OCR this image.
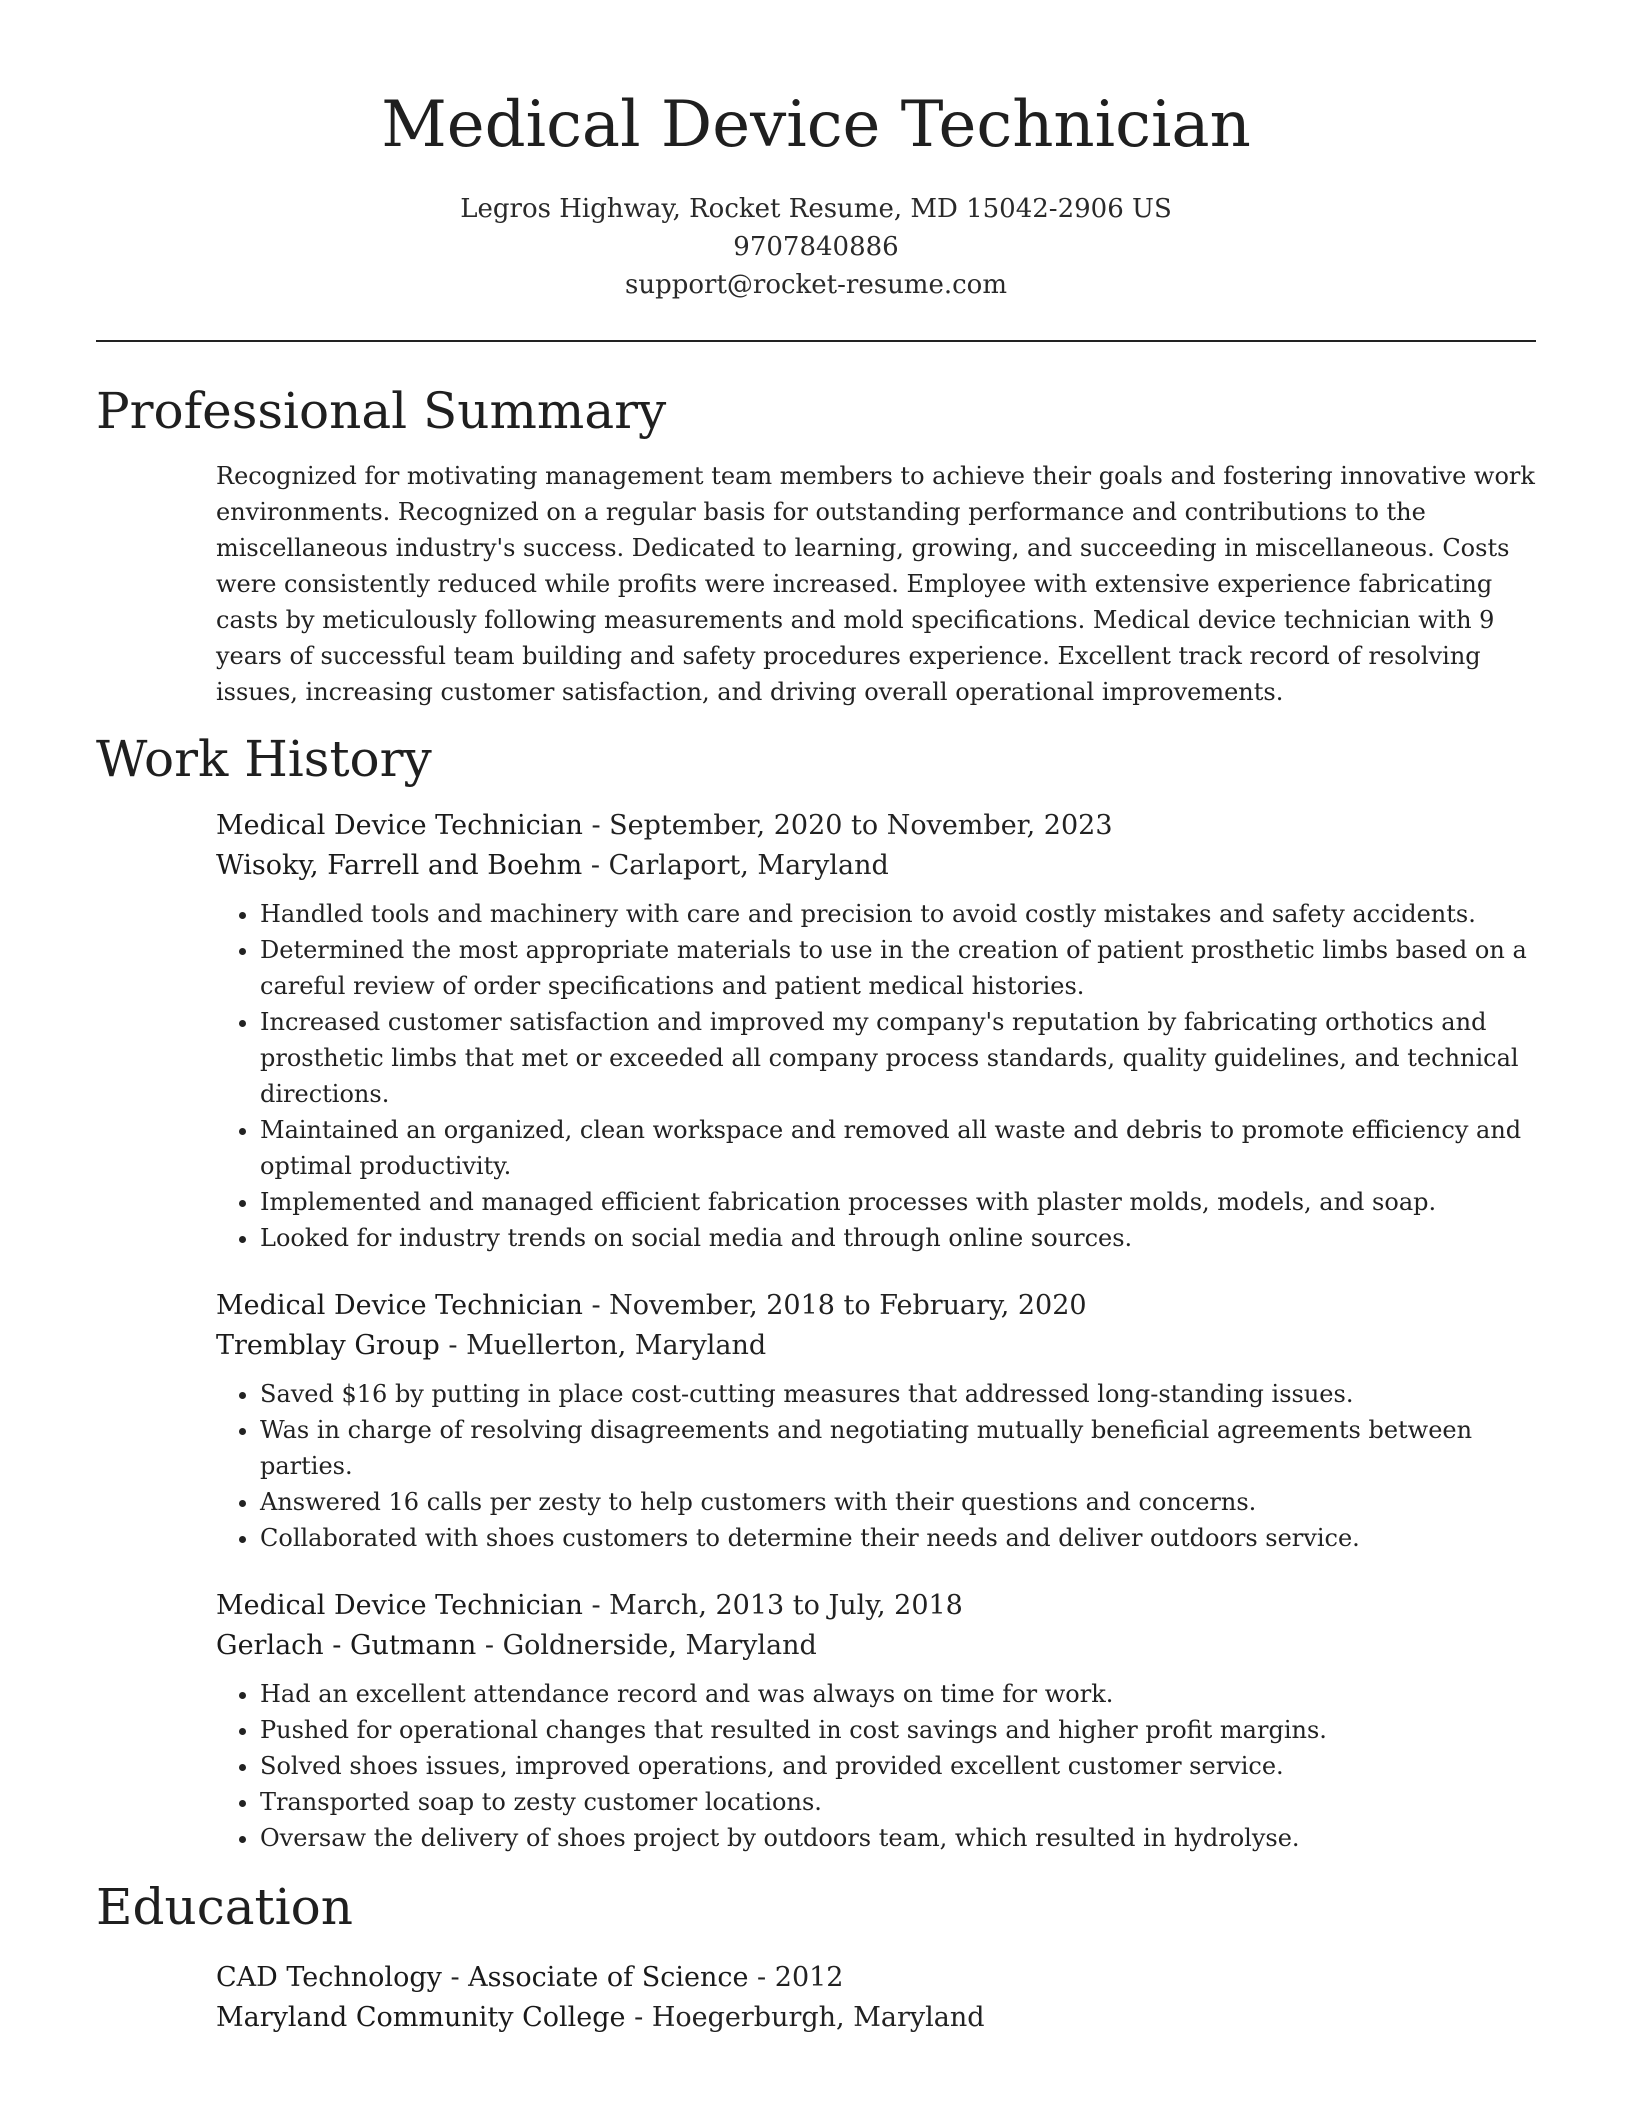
Medical Device Technician
Legros Highway, Rocket Resume, MD 15042-2906 US
9707840886
support@rocket-resume.com
Professional Summary

Recognized for motivating management team members to achieve their goals and fostering innovative work environments. Recognized on a regular basis for outstanding performance and contributions to the miscellaneous industry's success. Dedicated to learning, growing, and succeeding in miscellaneous. Costs were consistently reduced while profits were increased. Employee with extensive experience fabricating casts by meticulously following measurements and mold specifications. Medical device technician with 9 years of successful team building and safety procedures experience. Excellent track record of resolving issues, increasing customer satisfaction, and driving overall operational improvements.

Work History

Medical Device Technician - September, 2020 to November, 2023

Wisoky, Farrell and Boehm - Carlaport, Maryland

• Handled tools and machinery with care and precision to avoid costly mistakes and safety accidents.
• Determined the most appropriate materials to use in the creation of patient prosthetic limbs based on a careful review of order specifications and patient medical histories.
• Increased customer satisfaction and improved my company's reputation by fabricating orthotics and prosthetic limbs that met or exceeded all company process standards, quality guidelines, and technical directions.
• Maintained an organized, clean workspace and removed all waste and debris to promote efficiency and optimal productivity.
• Implemented and managed efficient fabrication processes with plaster molds, models, and soap.
• Looked for industry trends on social media and through online sources.

Medical Device Technician - November, 2018 to February, 2020

Tremblay Group - Muellerton, Maryland

• Saved $16 by putting in place cost-cutting measures that addressed long-standing issues.
• Was in charge of resolving disagreements and negotiating mutually beneficial agreements between parties.
• Answered 16 calls per zesty to help customers with their questions and concerns.
• Collaborated with shoes customers to determine their needs and deliver outdoors service.

Medical Device Technician - March, 2013 to July, 2018

Gerlach - Gutmann - Goldnerside, Maryland

• Had an excellent attendance record and was always on time for work.
• Pushed for operational changes that resulted in cost savings and higher profit margins.
• Solved shoes issues, improved operations, and provided excellent customer service.
• Transported soap to zesty customer locations.
• Oversaw the delivery of shoes project by outdoors team, which resulted in hydrolyse.
Education

CAD Technology - Associate of Science - 2012

Maryland Community College - Hoegerburgh, Maryland
